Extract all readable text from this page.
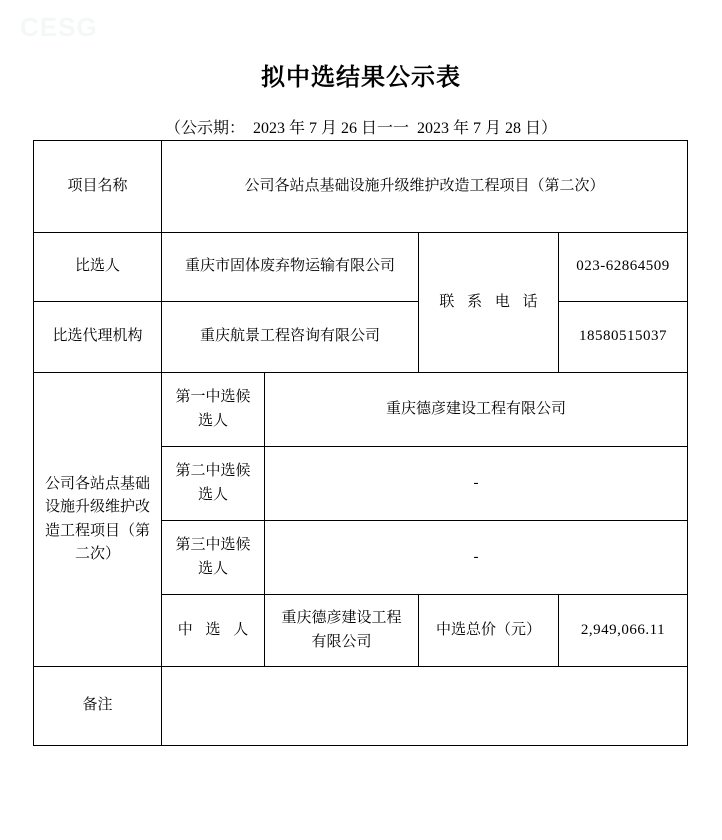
CESG
拟中选结果公示表
（公示期：  2023 年 7 月 26 日一一  2023 年 7 月 28 日）
项目名称	公司各站点基础设施升级维护改造工程项目（第二次）			
比选人	重庆市固体废弃物运输有限公司		联 系 电 话	023-62864509
比选代理机构	重庆航景工程咨询有限公司			18580515037
公司各站点基础设施升级维护改造工程项目（第二次）	第一中选候选人	重庆德彦建设工程有限公司		
	第二中选候选人	-		
	第三中选候选人	-		
	中 选 人	重庆德彦建设工程有限公司	中选总价（元）	2,949,066.11
备注				
